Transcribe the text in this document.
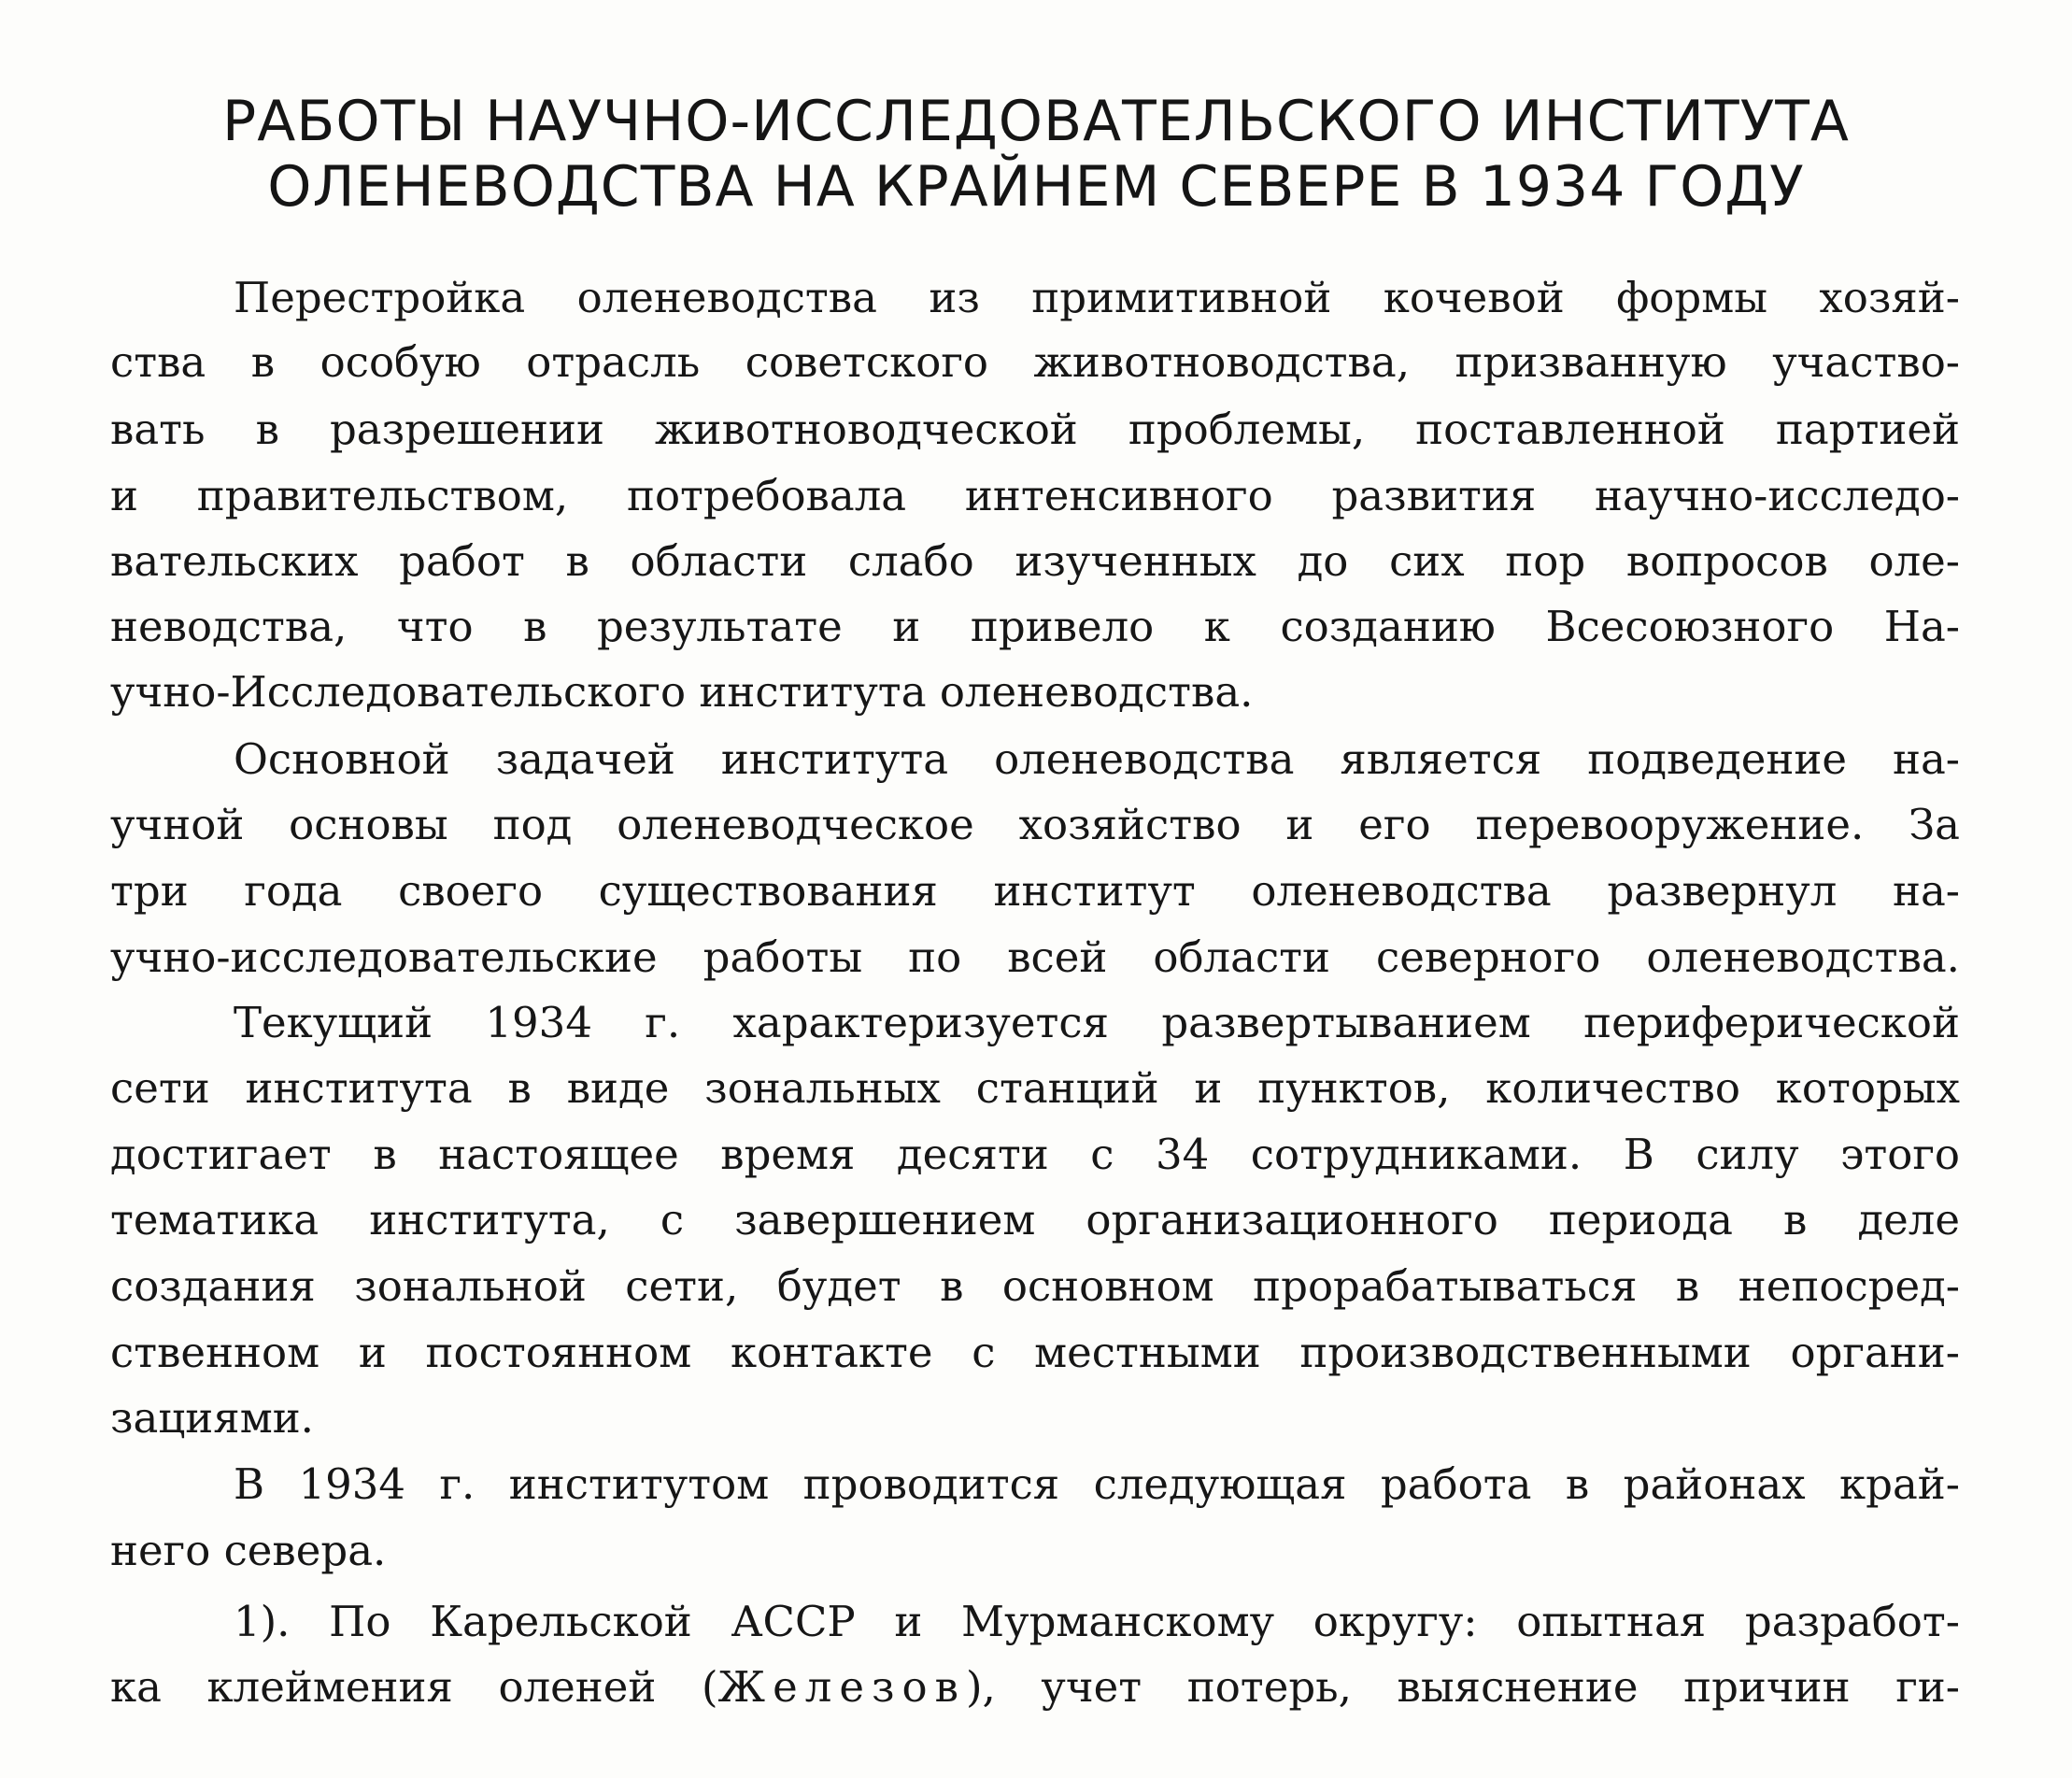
РАБОТЫ НАУЧНО-ИССЛЕДОВАТЕЛЬСКОГО ИНСТИТУТА
ОЛЕНЕВОДСТВА НА КРАЙНЕМ СЕВЕРЕ В 1934 ГОДУ
Перестройка оленеводства из примитивной кочевой формы хозяй-
ства в особую отрасль советского животноводства, призванную участво-
вать в разрешении животноводческой проблемы, поставленной партией
и правительством, потребовала интенсивного развития научно-исследо-
вательских работ в области слабо изученных до сих пор вопросов оле-
неводства, что в результате и привело к созданию Всесоюзного На-
учно-Исследовательского института оленеводства.
Основной задачей института оленеводства является подведение на-
учной основы под оленеводческое хозяйство и его перевооружение. За
три года своего существования институт оленеводства развернул на-
учно-исследовательские работы по всей области северного оленеводства.
Текущий 1934 г. характеризуется развертыванием периферической
сети института в виде зональных станций и пунктов, количество которых
достигает в настоящее время десяти с 34 сотрудниками. В силу этого
тематика института, с завершением организационного периода в деле
создания зональной сети, будет в основном прорабатываться в непосред-
ственном и постоянном контакте с местными производственными органи-
зациями.
В 1934 г. институтом проводится следующая работа в районах край-
него севера.
1). По Карельской АССР и Мурманскому округу: опытная разработ-
ка клеймения оленей (Железов), учет потерь, выяснение причин ги-
